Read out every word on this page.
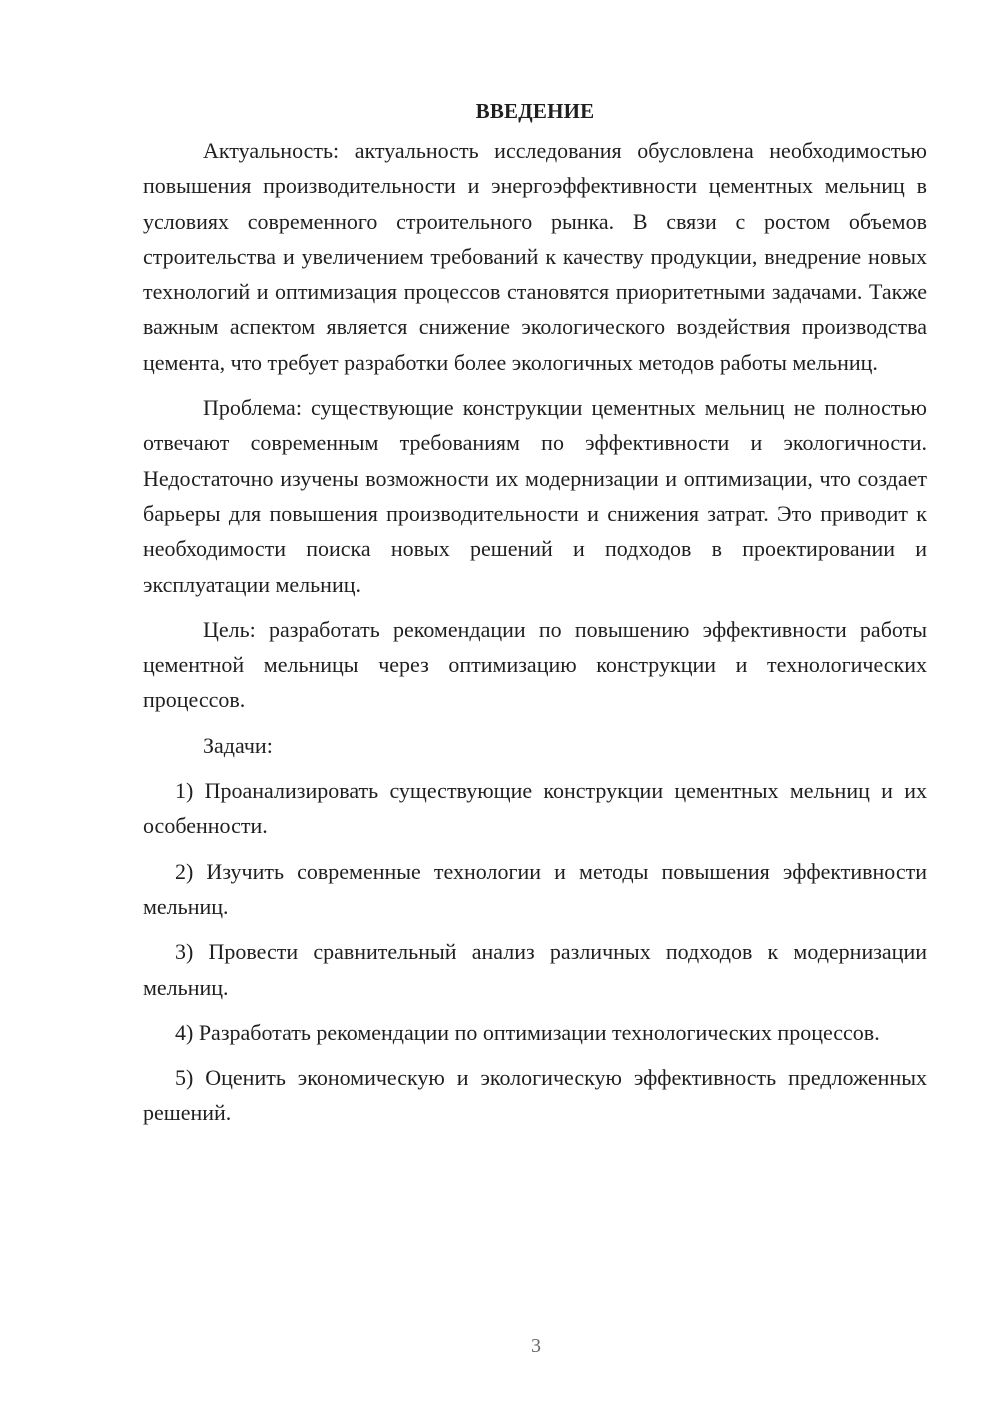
ВВЕДЕНИЕ

Актуальность: актуальность исследования обусловлена необходимостью повышения производительности и энергоэффективности цементных мельниц в условиях современного строительного рынка. В связи с ростом объемов строительства и увеличением требований к качеству продукции, внедрение новых технологий и оптимизация процессов становятся приоритетными задачами. Также важным аспектом является снижение экологического воздействия производства цемента, что требует разработки более экологичных методов работы мельниц.

Проблема: существующие конструкции цементных мельниц не полностью отвечают современным требованиям по эффективности и экологичности. Недостаточно изучены возможности их модернизации и оптимизации, что создает барьеры для повышения производительности и снижения затрат. Это приводит к необходимости поиска новых решений и подходов в проектировании и эксплуатации мельниц.

Цель: разработать рекомендации по повышению эффективности работы цементной мельницы через оптимизацию конструкции и технологических процессов.

Задачи:

1) Проанализировать существующие конструкции цементных мельниц и их особенности.

2) Изучить современные технологии и методы повышения эффективности мельниц.

3) Провести сравнительный анализ различных подходов к модернизации мельниц.

4) Разработать рекомендации по оптимизации технологических процессов.

5) Оценить экономическую и экологическую эффективность предложенных решений.

3
